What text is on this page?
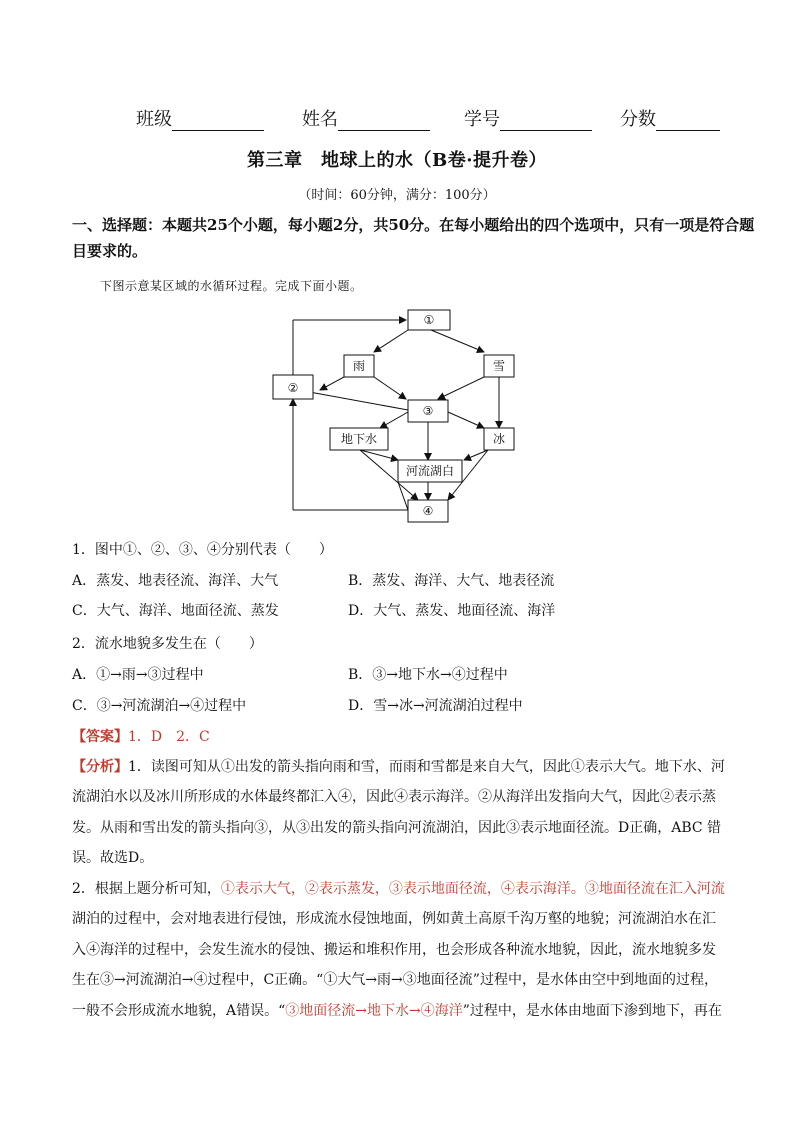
班级	姓名	学号	分数
第三章　地球上的水（B卷·提升卷）
（时间：60分钟，满分：100分）
一、选择题：本题共25个小题，每小题2分，共50分。在每小题给出的四个选项中，只有一项是符合题
目要求的。
下图示意某区域的水循环过程。完成下面小题。
①
雨	雪
②
③
地下水	冰
河流湖白
④
1．图中①、②、③、④分别代表（　　）
A．蒸发、地表径流、海洋、大气	B．蒸发、海洋、大气、地表径流
C．大气、海洋、地面径流、蒸发	D．大气、蒸发、地面径流、海洋
2．流水地貌多发生在（　　）
A．①→雨→③过程中	B．③→地下水→④过程中
C．③→河流湖泊→④过程中	D．雪→冰→河流湖泊过程中
【答案】1．D　2．C
【分析】1．读图可知从①出发的箭头指向雨和雪，而雨和雪都是来自大气，因此①表示大气。地下水、河
流湖泊水以及冰川所形成的水体最终都汇入④，因此④表示海洋。②从海洋出发指向大气，因此②表示蒸
发。从雨和雪出发的箭头指向③，从③出发的箭头指向河流湖泊，因此③表示地面径流。D正确，ABC 错
误。故选D。
2．根据上题分析可知，①表示大气，②表示蒸发，③表示地面径流，④表示海洋。③地面径流在汇入河流
湖泊的过程中，会对地表进行侵蚀，形成流水侵蚀地面，例如黄土高原千沟万壑的地貌；河流湖泊水在汇
入④海洋的过程中，会发生流水的侵蚀、搬运和堆积作用，也会形成各种流水地貌，因此，流水地貌多发
生在③→河流湖泊→④过程中，C正确。“①大气→雨→③地面径流”过程中，是水体由空中到地面的过程，
一般不会形成流水地貌，A错误。“③地面径流→地下水→④海洋”过程中，是水体由地面下渗到地下，再在
